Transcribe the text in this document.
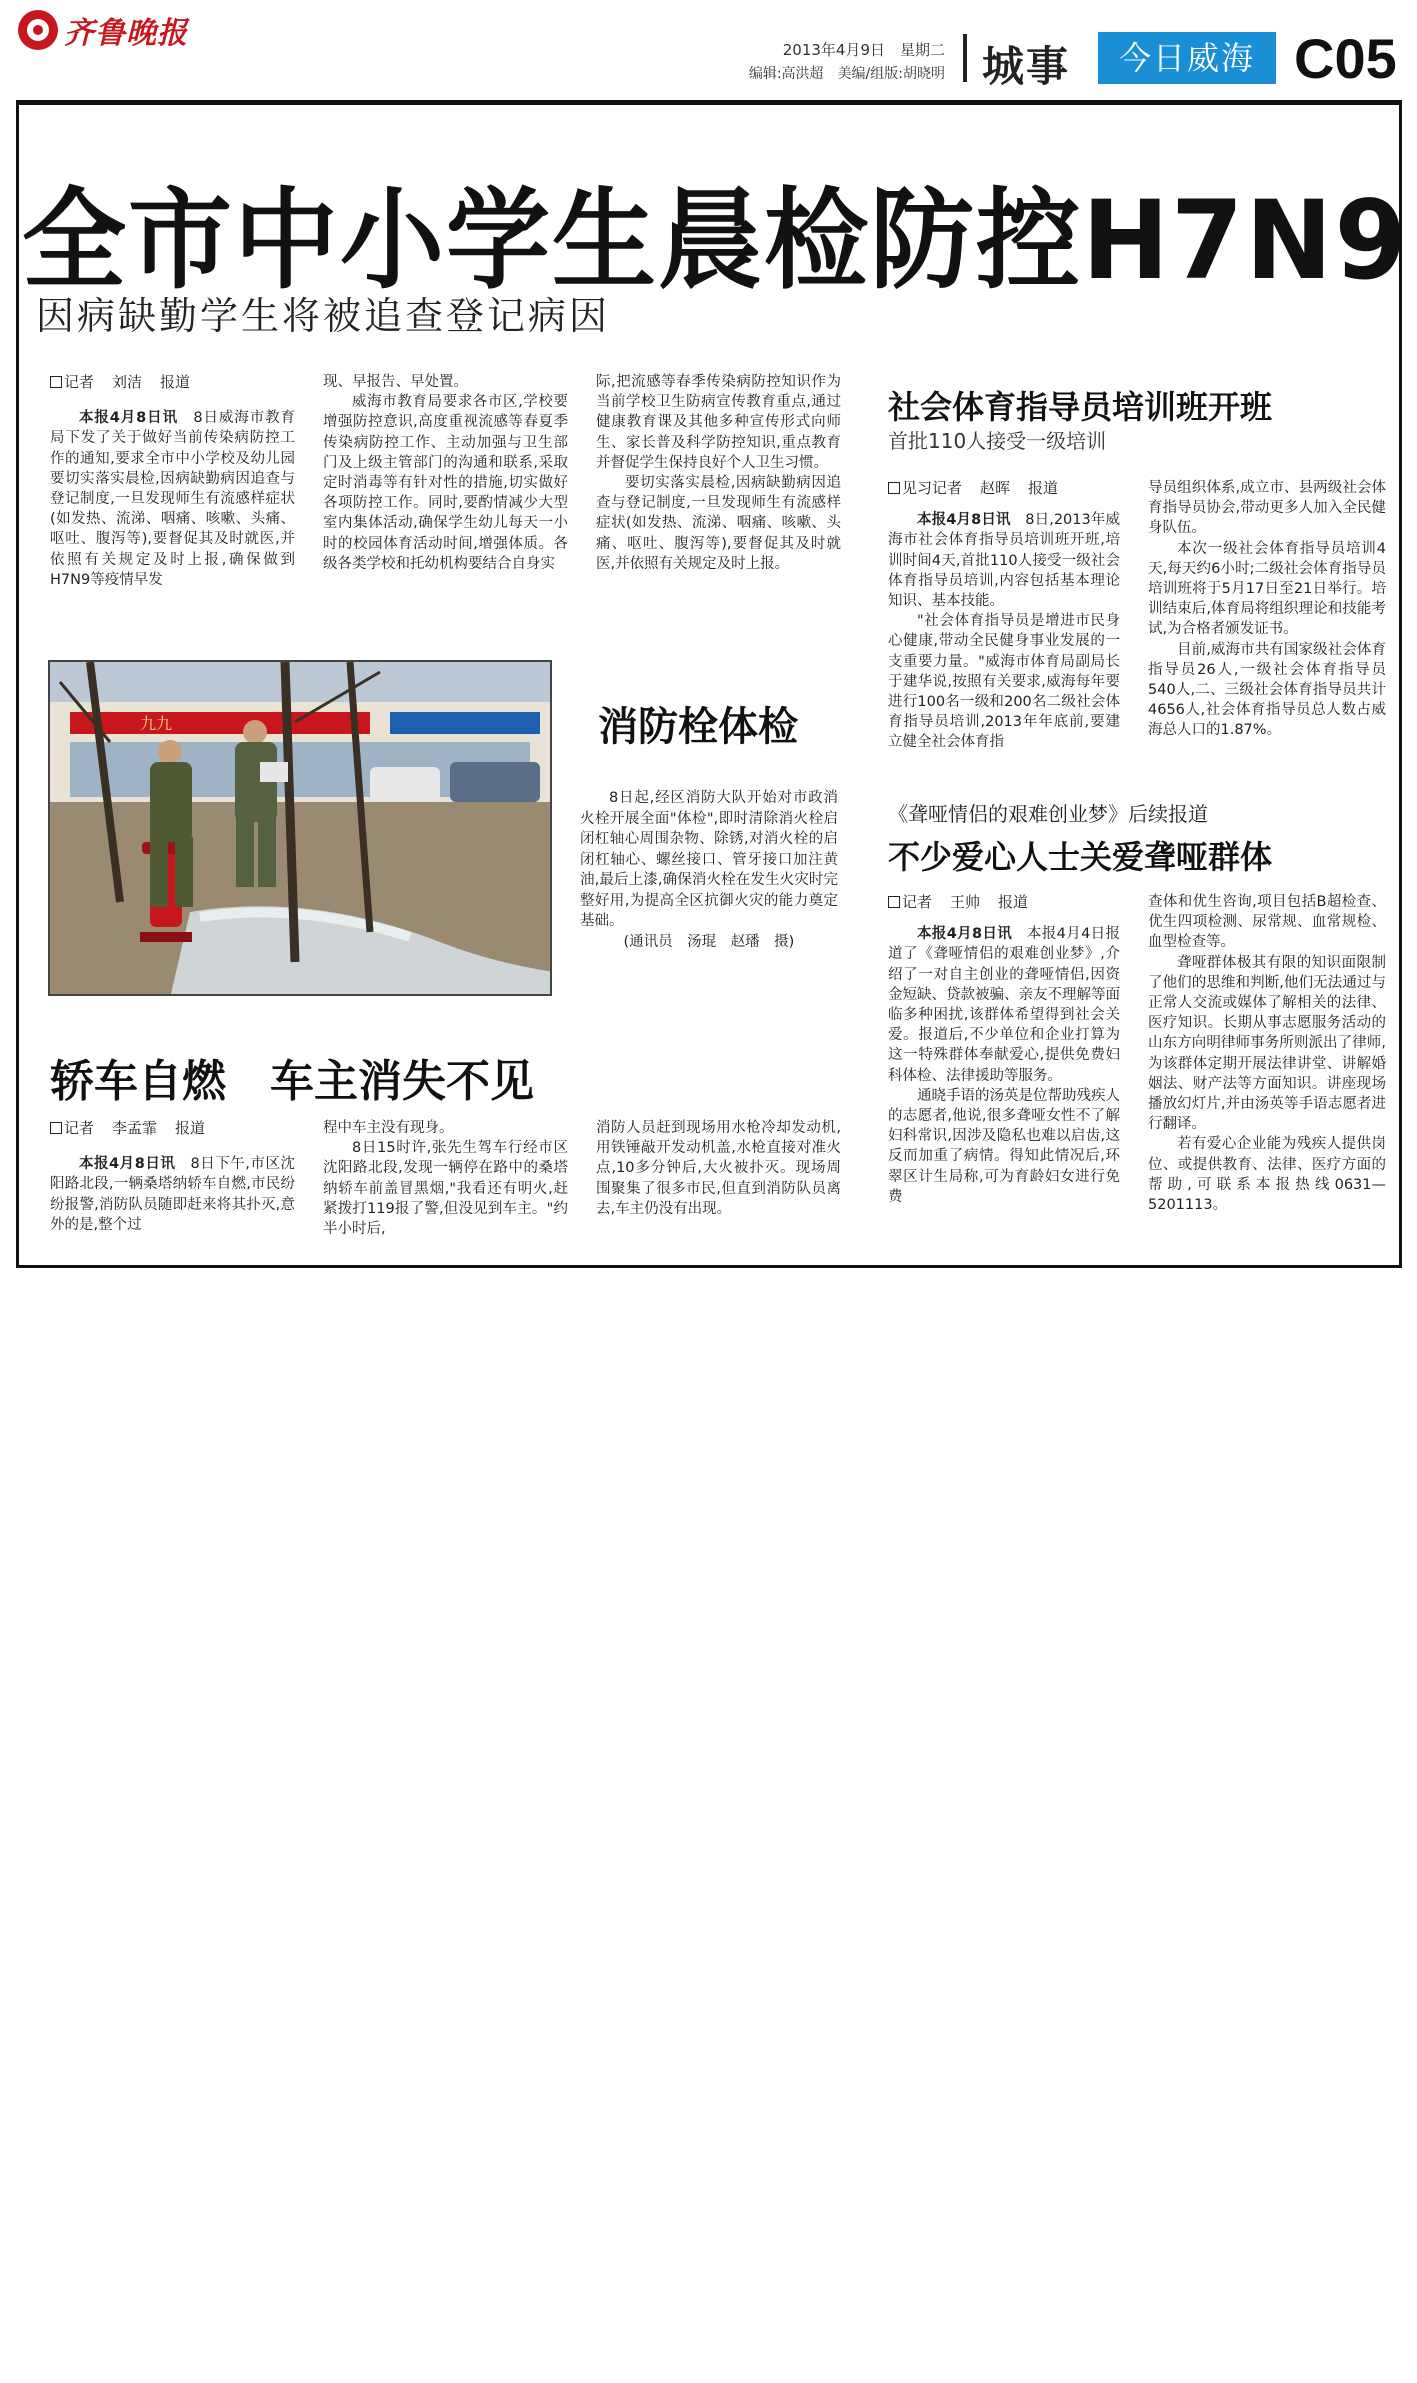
齐鲁晚报	2013年4月9日　星期二
编辑:高洪超　美编/组版:胡晓明 城事	今日威海 C05
全市中小学生晨检防控H7N9
因病缺勤学生将被追查登记病因
记者 刘洁 报道

本报4月8日讯　 8日威海市教育局下发了关于做好当前传染病防控工作的通知,要求全市中小学校及幼儿园要切实落实晨检,因病缺勤病因追查与登记制度,一旦发现师生有流感样症状(如发热、流涕、咽痛、咳嗽、头痛、呕吐、腹泻等),要督促其及时就医,并依照有关规定及时上报,确保做到H7N9等疫情早发

现、早报告、早处置。

威海市教育局要求各市区,学校要增强防控意识,高度重视流感等春夏季传染病防控工作、主动加强与卫生部门及上级主管部门的沟通和联系,采取定时消毒等有针对性的措施,切实做好各项防控工作。同时,要酌情减少大型室内集体活动,确保学生幼儿每天一小时的校园体育活动时间,增强体质。各级各类学校和托幼机构要结合自身实

际,把流感等春季传染病防控知识作为当前学校卫生防病宣传教育重点,通过健康教育课及其他多种宣传形式向师生、家长普及科学防控知识,重点教育并督促学生保持良好个人卫生习惯。

要切实落实晨检,因病缺勤病因追查与登记制度,一旦发现师生有流感样症状(如发热、流涕、咽痛、咳嗽、头痛、呕吐、腹泻等),要督促其及时就医,并依照有关规定及时上报。

社会体育指导员培训班开班
首批110人接受一级培训
见习记者 赵晖 报道

本报4月8日讯　 8日,2013年威海市社会体育指导员培训班开班,培训时间4天,首批110人接受一级社会体育指导员培训,内容包括基本理论知识、基本技能。

"社会体育指导员是增进市民身心健康,带动全民健身事业发展的一支重要力量。"威海市体育局副局长于建华说,按照有关要求,威海每年要进行100名一级和200名二级社会体育指导员培训,2013年年底前,要建立健全社会体育指

导员组织体系,成立市、县两级社会体育指导员协会,带动更多人加入全民健身队伍。

本次一级社会体育指导员培训4天,每天约6小时;二级社会体育指导员培训班将于5月17日至21日举行。培训结束后,体育局将组织理论和技能考试,为合格者颁发证书。

目前,威海市共有国家级社会体育指导员26人,一级社会体育指导员540人,二、三级社会体育指导员共计4656人,社会体育指导员总人数占威海总人口的1.87%。

九九	消防栓体检

8日起,经区消防大队开始对市政消火栓开展全面"体检",即时清除消火栓启闭杠轴心周围杂物、除锈,对消火栓的启闭杠轴心、螺丝接口、管牙接口加注黄油,最后上漆,确保消火栓在发生火灾时完整好用,为提高全区抗御火灾的能力奠定基础。

(通讯员　汤琨　赵璠　摄)

轿车自燃　车主消失不见
记者 李孟霏 报道

本报4月8日讯　 8日下午,市区沈阳路北段,一辆桑塔纳轿车自燃,市民纷纷报警,消防队员随即赶来将其扑灭,意外的是,整个过

程中车主没有现身。

8日15时许,张先生驾车行经市区沈阳路北段,发现一辆停在路中的桑塔纳轿车前盖冒黑烟,"我看还有明火,赶紧拨打119报了警,但没见到车主。"约半小时后,

消防人员赶到现场用水枪冷却发动机,用铁锤敲开发动机盖,水枪直接对准火点,10多分钟后,大火被扑灭。现场周围聚集了很多市民,但直到消防队员离去,车主仍没有出现。

《聋哑情侣的艰难创业梦》后续报道
不少爱心人士关爱聋哑群体
记者 王帅 报道

本报4月8日讯　 本报4月4日报道了《聋哑情侣的艰难创业梦》,介绍了一对自主创业的聋哑情侣,因资金短缺、贷款被骗、亲友不理解等面临多种困扰,该群体希望得到社会关爱。报道后,不少单位和企业打算为这一特殊群体奉献爱心,提供免费妇科体检、法律援助等服务。

通晓手语的汤英是位帮助残疾人的志愿者,他说,很多聋哑女性不了解妇科常识,因涉及隐私也难以启齿,这反而加重了病情。得知此情况后,环翠区计生局称,可为育龄妇女进行免费

查体和优生咨询,项目包括B超检查、优生四项检测、尿常规、血常规检、血型检查等。

聋哑群体极其有限的知识面限制了他们的思维和判断,他们无法通过与正常人交流或媒体了解相关的法律、医疗知识。长期从事志愿服务活动的山东方向明律师事务所则派出了律师,为该群体定期开展法律讲堂、讲解婚姻法、财产法等方面知识。讲座现场播放幻灯片,并由汤英等手语志愿者进行翻译。

若有爱心企业能为残疾人提供岗位、或提供教育、法律、医疗方面的帮助,可联系本报热线0631—5201113。
